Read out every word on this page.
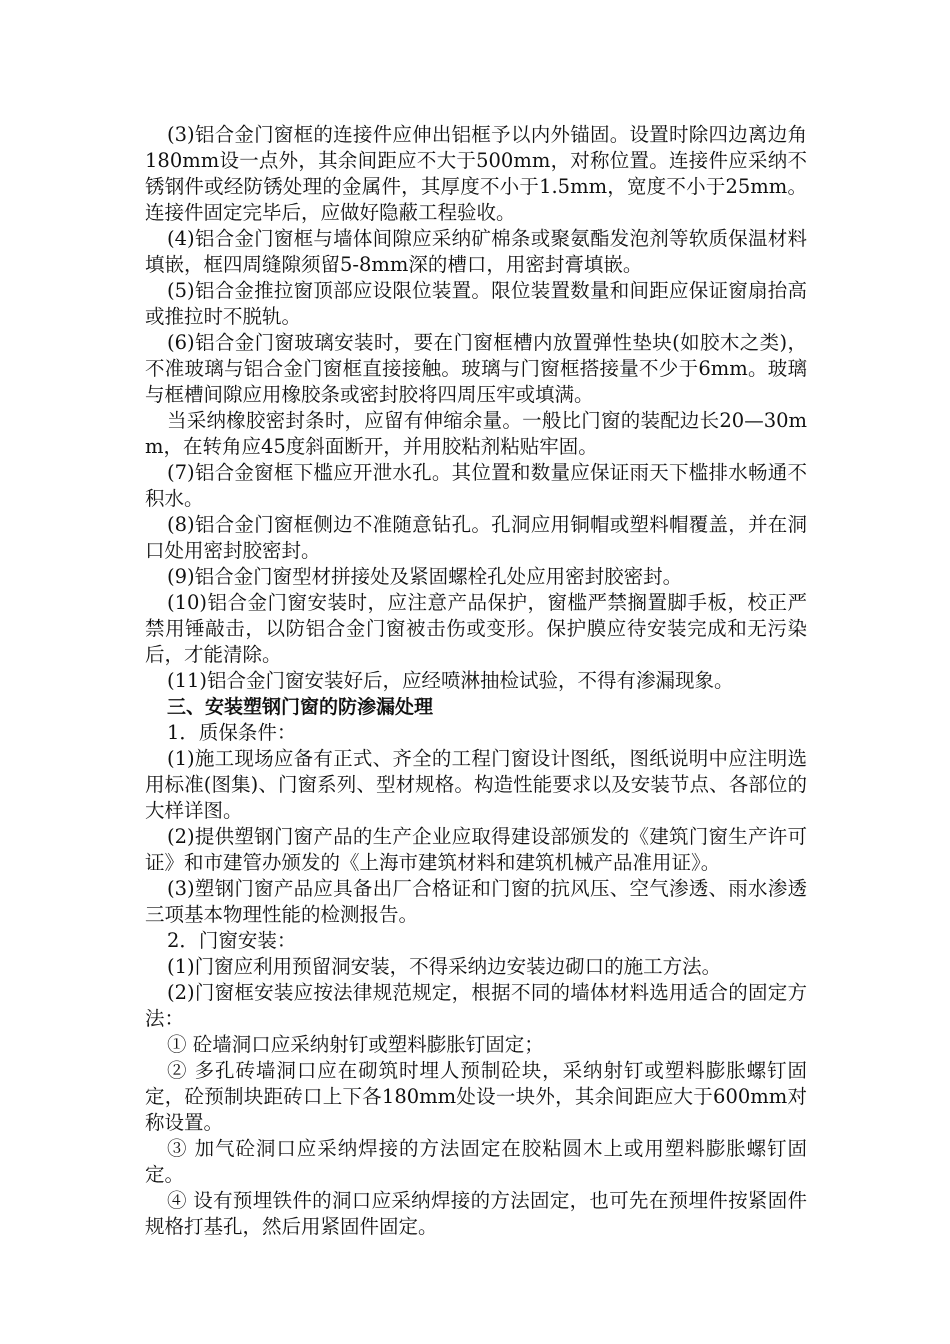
(3)铝合金门窗框的连接件应伸出铝框予以内外锚固。设置时除四边离边角180mm设一点外，其余间距应不大于500mm，对称位置。连接件应采纳不锈钢件或经防锈处理的金属件，其厚度不小于1.5mm，宽度不小于25mm。连接件固定完毕后，应做好隐蔽工程验收。

(4)铝合金门窗框与墙体间隙应采纳矿棉条或聚氨酯发泡剂等软质保温材料填嵌，框四周缝隙须留5-8mm深的槽口，用密封膏填嵌。

(5)铝合金推拉窗顶部应设限位装置。限位装置数量和间距应保证窗扇抬高或推拉时不脱轨。

(6)铝合金门窗玻璃安装时，要在门窗框槽内放置弹性垫块(如胶木之类)，不准玻璃与铝合金门窗框直接接触。玻璃与门窗框搭接量不少于6mm。玻璃与框槽间隙应用橡胶条或密封胶将四周压牢或填满。

当采纳橡胶密封条时，应留有伸缩余量。一般比门窗的装配边长20—30mm，在转角应45度斜面断开，并用胶粘剂粘贴牢固。

(7)铝合金窗框下槛应开泄水孔。其位置和数量应保证雨天下槛排水畅通不积水。

(8)铝合金门窗框侧边不准随意钻孔。孔洞应用铜帽或塑料帽覆盖，并在洞口处用密封胶密封。

(9)铝合金门窗型材拼接处及紧固螺栓孔处应用密封胶密封。

(10)铝合金门窗安装时，应注意产品保护，窗槛严禁搁置脚手板，校正严禁用锤敲击，以防铝合金门窗被击伤或变形。保护膜应待安装完成和无污染后，才能清除。

(11)铝合金门窗安装好后，应经喷淋抽检试验，不得有渗漏现象。

三、安装塑钢门窗的防渗漏处理

1．质保条件：

(1)施工现场应备有正式、齐全的工程门窗设计图纸，图纸说明中应注明选用标准(图集)、门窗系列、型材规格。构造性能要求以及安装节点、各部位的大样详图。

(2)提供塑钢门窗产品的生产企业应取得建设部颁发的《建筑门窗生产许可证》和市建管办颁发的《上海市建筑材料和建筑机械产品准用证》。

(3)塑钢门窗产品应具备出厂合格证和门窗的抗风压、空气渗透、雨水渗透三项基本物理性能的检测报告。

2．门窗安装：

(1)门窗应利用预留洞安装，不得采纳边安装边砌口的施工方法。

(2)门窗框安装应按法律规范规定，根据不同的墙体材料选用适合的固定方法：

① 砼墙洞口应采纳射钉或塑料膨胀钉固定；

② 多孔砖墙洞口应在砌筑时埋人预制砼块，采纳射钉或塑料膨胀螺钉固定，砼预制块距砖口上下各180mm处设一块外，其余间距应大于600mm对称设置。

③ 加气砼洞口应采纳焊接的方法固定在胶粘圆木上或用塑料膨胀螺钉固定。

④ 设有预埋铁件的洞口应采纳焊接的方法固定，也可先在预埋件按紧固件规格打基孔，然后用紧固件固定。
